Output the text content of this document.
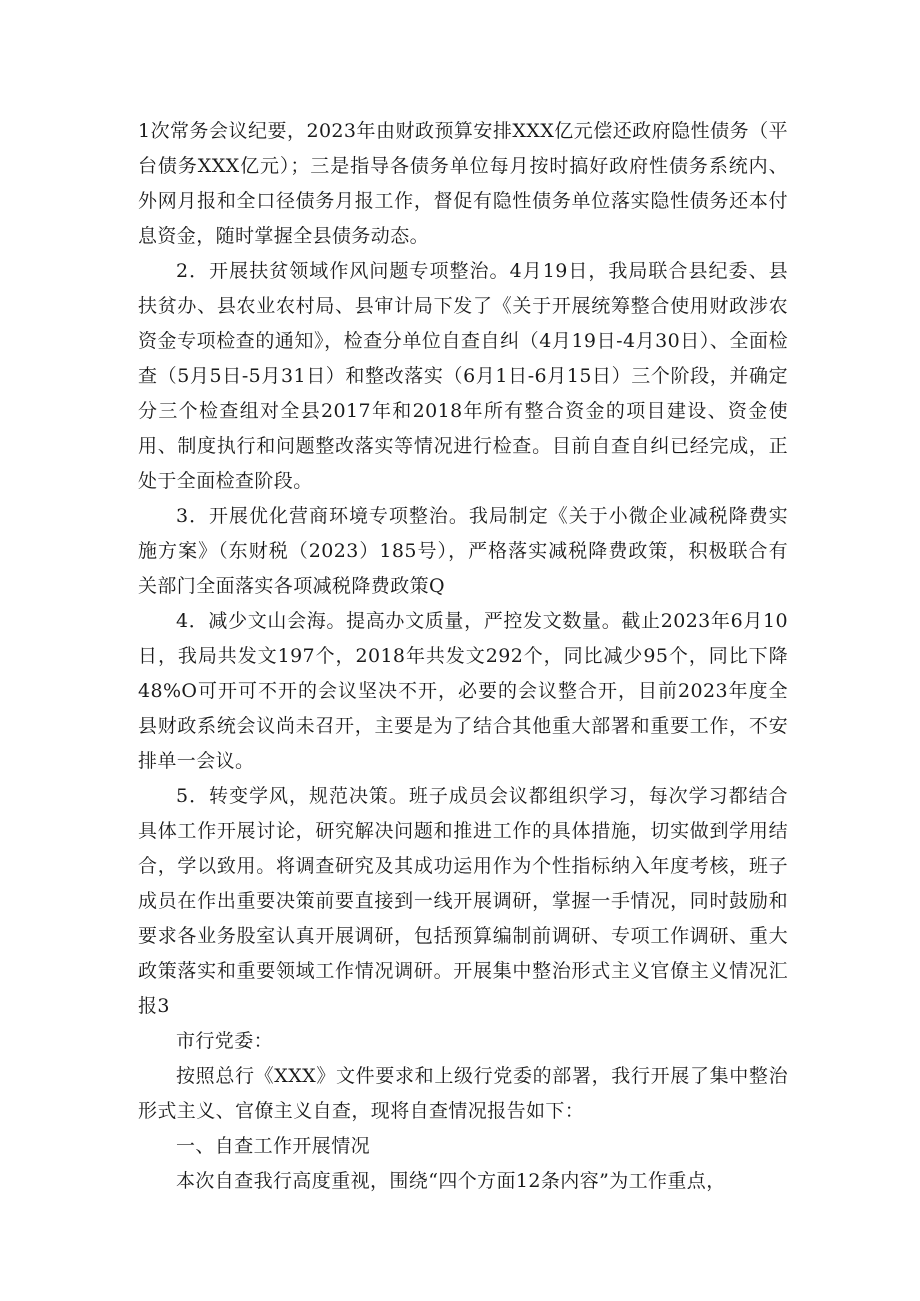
1次常务会议纪要，2023年由财政预算安排XXX亿元偿还政府隐性债务（平台债务XXX亿元）；三是指导各债务单位每月按时搞好政府性债务系统内、外网月报和全口径债务月报工作，督促有隐性债务单位落实隐性债务还本付息资金，随时掌握全县债务动态。

2．开展扶贫领域作风问题专项整治。4月19日，我局联合县纪委、县扶贫办、县农业农村局、县审计局下发了《关于开展统筹整合使用财政涉农资金专项检查的通知》，检查分单位自查自纠（4月19日-4月30日）、全面检查（5月5日-5月31日）和整改落实（6月1日-6月15日）三个阶段，并确定分三个检查组对全县2017年和2018年所有整合资金的项目建设、资金使用、制度执行和问题整改落实等情况进行检查。目前自查自纠已经完成，正处于全面检查阶段。

3．开展优化营商环境专项整治。我局制定《关于小微企业减税降费实施方案》（东财税（2023）185号），严格落实减税降费政策，积极联合有关部门全面落实各项减税降费政策Q

4．减少文山会海。提高办文质量，严控发文数量。截止2023年6月10日，我局共发文197个，2018年共发文292个，同比减少95个，同比下降48%O可开可不开的会议坚决不开，必要的会议整合开，目前2023年度全县财政系统会议尚未召开，主要是为了结合其他重大部署和重要工作，不安排单一会议。

5．转变学风，规范决策。班子成员会议都组织学习，每次学习都结合具体工作开展讨论，研究解决问题和推进工作的具体措施，切实做到学用结合，学以致用。将调查研究及其成功运用作为个性指标纳入年度考核，班子成员在作出重要决策前要直接到一线开展调研，掌握一手情况，同时鼓励和要求各业务股室认真开展调研，包括预算编制前调研、专项工作调研、重大政策落实和重要领域工作情况调研。开展集中整治形式主义官僚主义情况汇报3

市行党委：

按照总行《XXX》文件要求和上级行党委的部署，我行开展了集中整治形式主义、官僚主义自查，现将自查情况报告如下：

一、自查工作开展情况

本次自查我行高度重视，围绕“四个方面12条内容”为工作重点，
